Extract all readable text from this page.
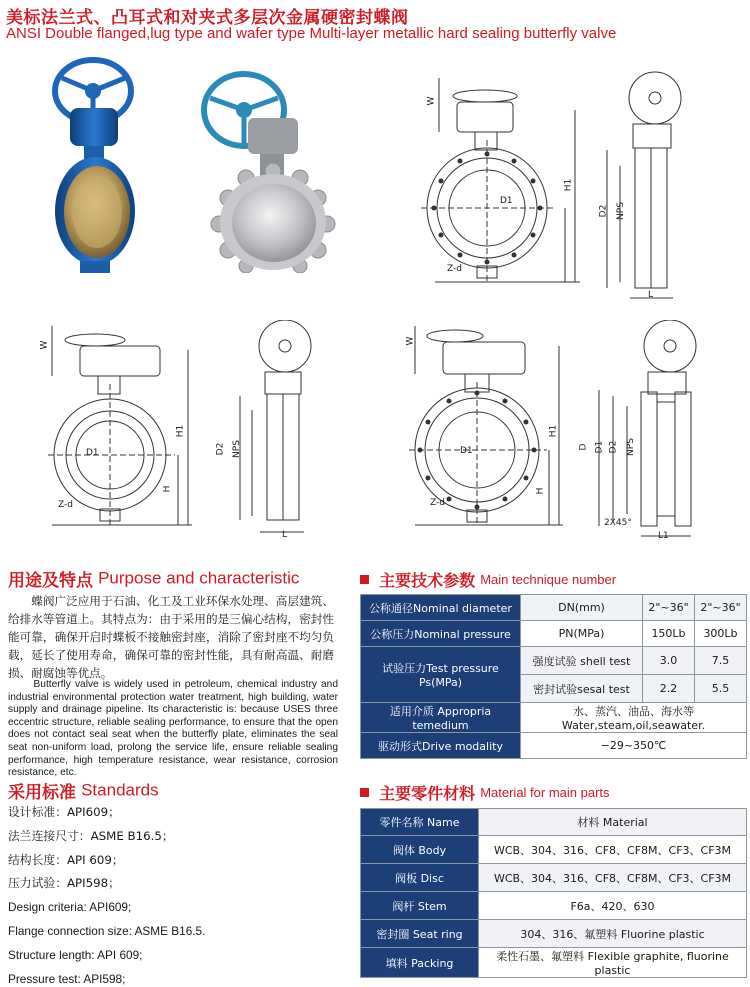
美标法兰式、凸耳式和对夹式多层次金属硬密封蝶阀
ANSI Double flanged,lug type and wafer type Multi-layer metallic hard sealing butterfly valve
W
H1
D1
Z-d
D2 NPS
L
W
H1
H
D1
Z-d
D2 NPS
L
W
H1
H
D1
Z-d
D D1 D2 NPS
2X45°
L1
用途及特点 Purpose and characteristic

蝶阀广泛应用于石油、化工及工业环保水处理、高层建筑、给排水等管道上。其特点为：由于采用的是三偏心结构，密封性能可靠，确保开启时蝶板不接触密封座，消除了密封座不均匀负载，延长了使用寿命，确保可靠的密封性能，具有耐高温、耐磨损、耐腐蚀等优点。

Butterfly valve is widely used in petroleum, chemical industry and industrial environmental protection water treatment, high building, water supply and drainage pipeline. Its characteristic is: because USES three eccentric structure, reliable sealing performance, to ensure that the open does not contact seal seat when the butterfly plate, eliminates the seal seat non-uniform load, prolong the service life, ensure reliable sealing performance, high temperature resistance, wear resistance, corrosion resistance, etc.

采用标准 Standards
设计标准：API609；
法兰连接尺寸：ASME B16.5；
结构长度：API 609；
压力试验：API598；
Design criteria: API609;
Flange connection size: ASME B16.5.
Structure length: API 609;
Pressure test: API598;
主要技术参数 Main technique number
公称通径Nominal diameter	DN(mm)	2"~36"	2"~36"
公称压力Nominal pressure	PN(MPa)	150Lb	300Lb

试验压力Test pressure
Ps(MPa)	强度试验 shell test	3.0	7.5
	密封试验sesal test	2.2	5.5
适用介质 Appropria temedium	水、蒸汽、油品、海水等
Water,steam,oil,seawater.		

驱动形式Drive modality	−29~350℃		
主要零件材料 Material for main parts
零件名称 Name	材料 Material
阀体 Body	WCB、304、316、CF8、CF8M、CF3、CF3M
阀板 Disc	WCB、304、316、CF8、CF8M、CF3、CF3M
阀杆 Stem	F6a、420、630
密封圈 Seat ring	304、316、氟塑料 Fluorine plastic
填料 Packing	柔性石墨、氟塑料 Flexible graphite, fluorine plastic
